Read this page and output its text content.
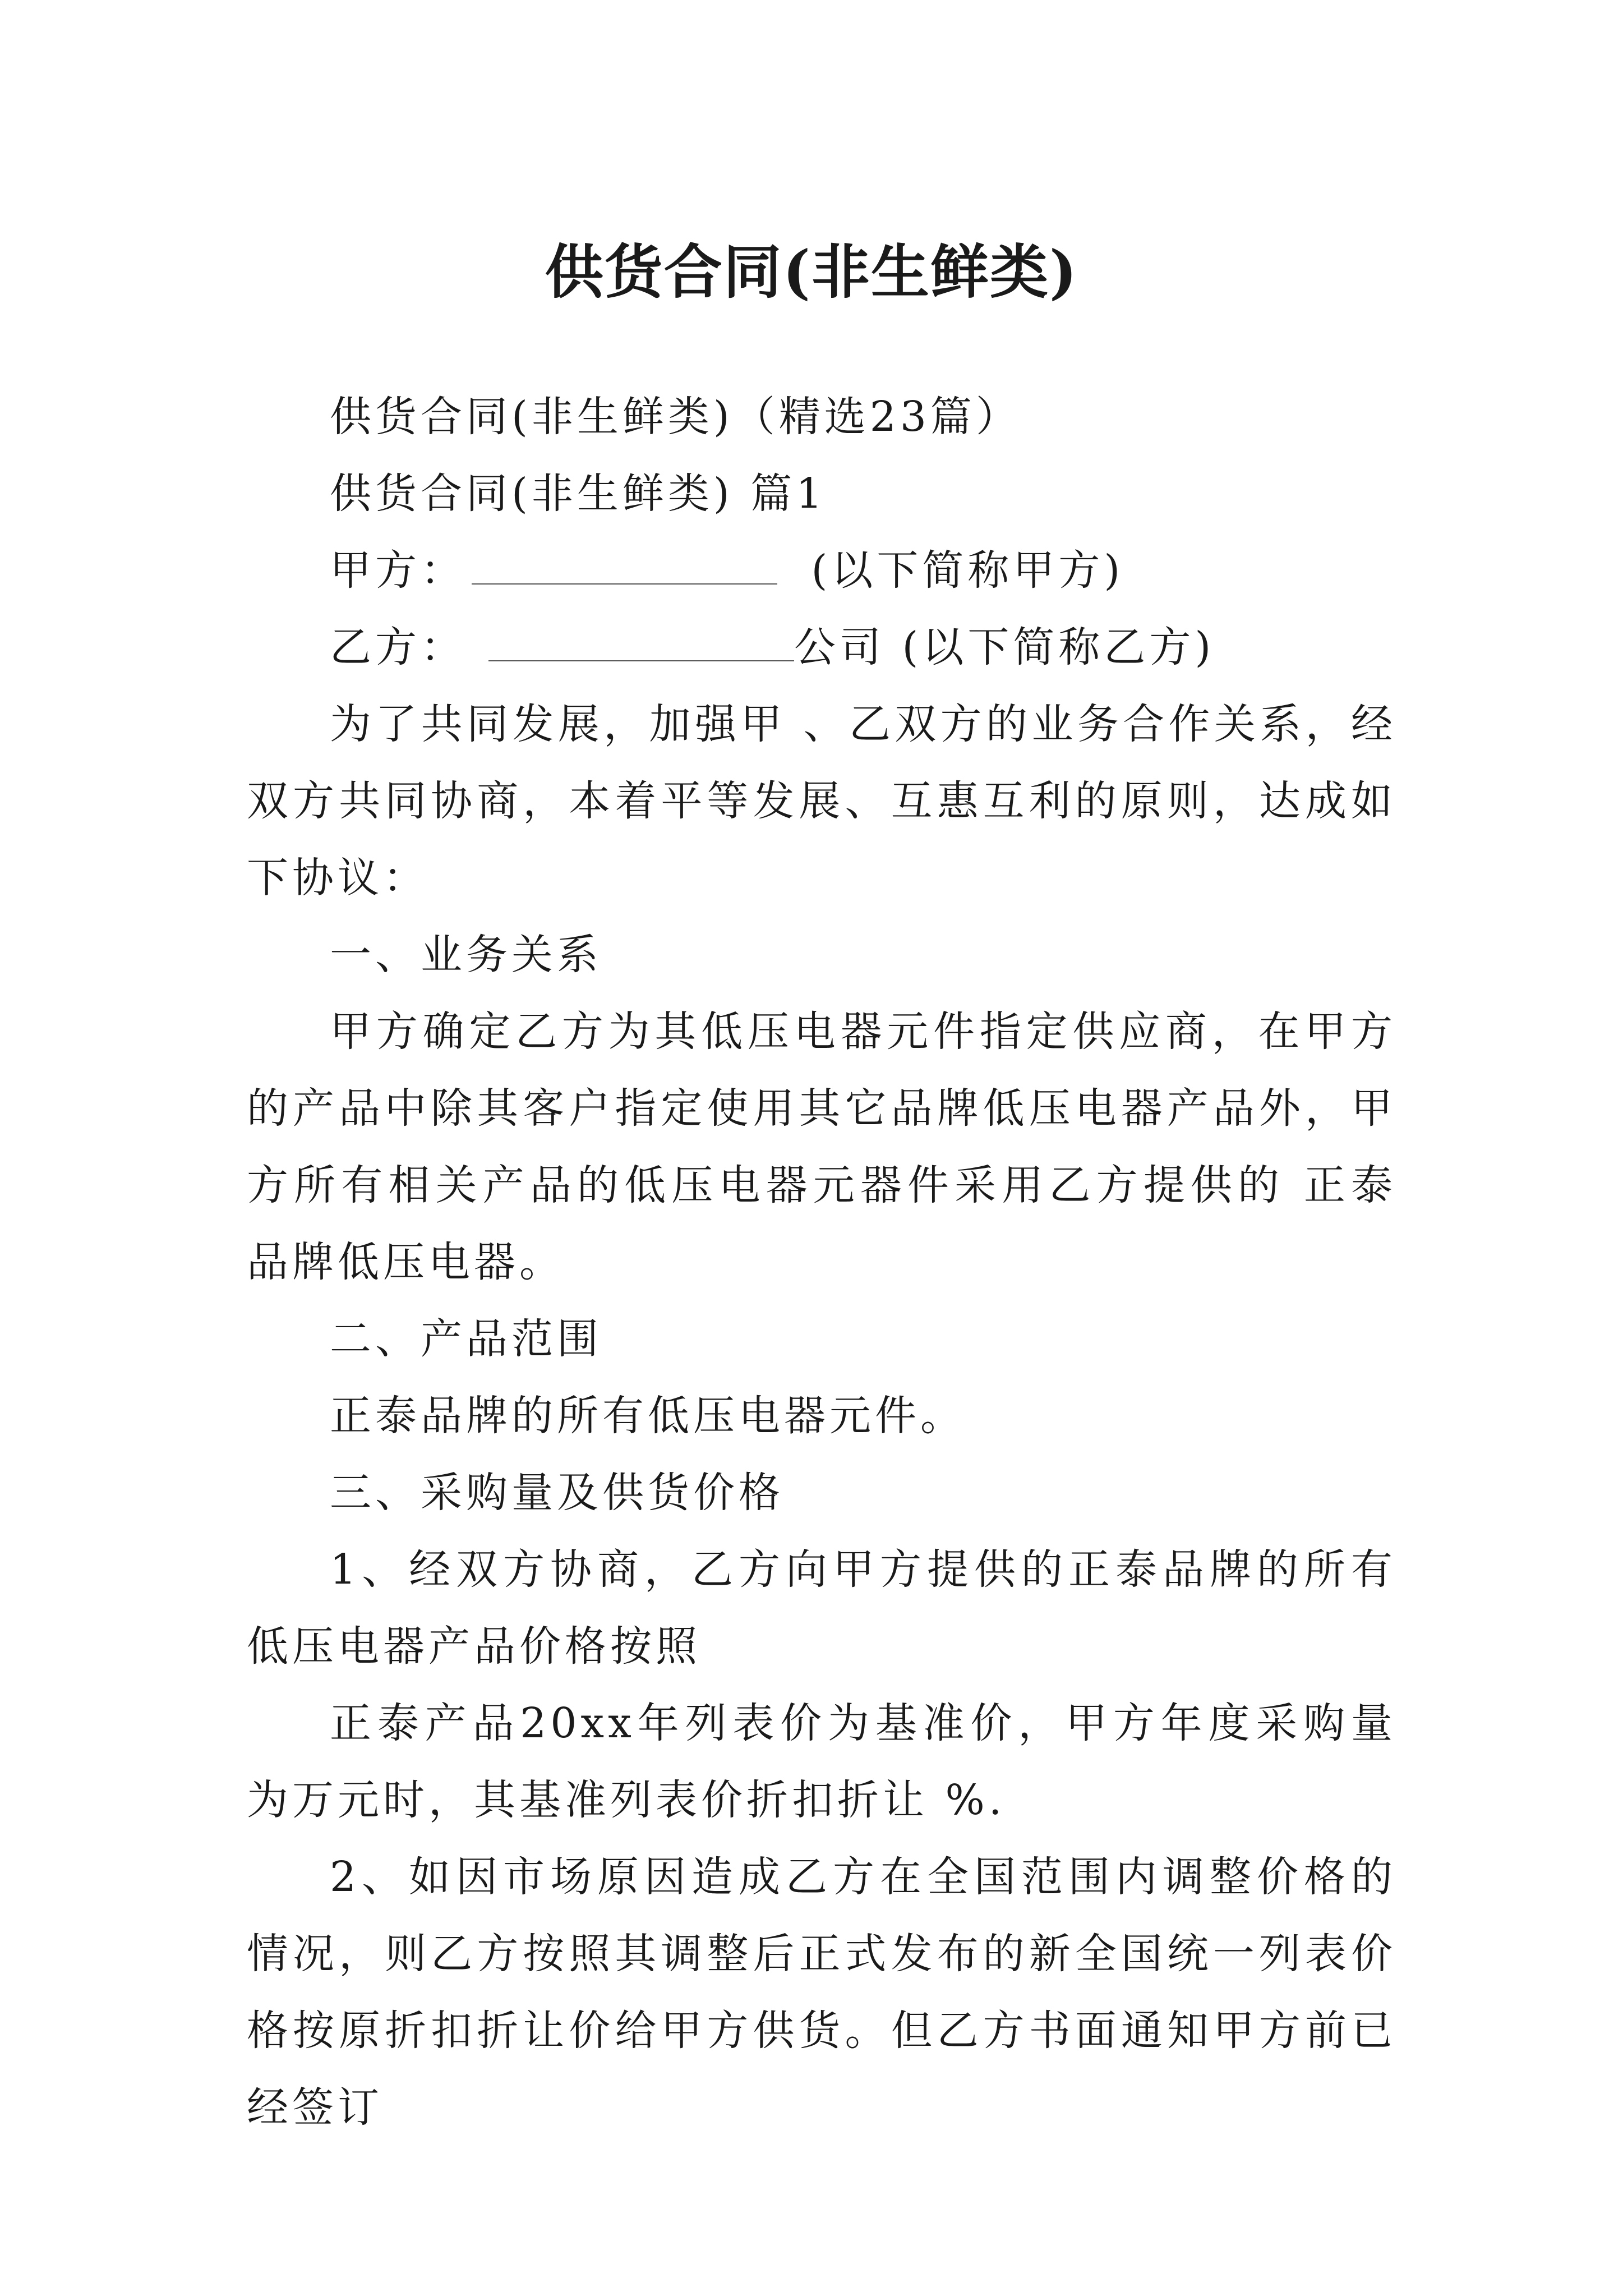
供货合同(非生鲜类)

供货合同(非生鲜类)（精选23篇）

供货合同(非生鲜类) 篇1

甲方：	(以下简称甲方)

乙方：	公司 (以下简称乙方)

为了共同发展，加强甲 、乙双方的业务合作关系，经双方共同协商，本着平等发展、互惠互利的原则，达成如下协议：

一、业务关系

甲方确定乙方为其低压电器元件指定供应商，在甲方的产品中除其客户指定使用其它品牌低压电器产品外，甲方所有相关产品的低压电器元器件采用乙方提供的 正泰品牌低压电器。

二、产品范围

正泰品牌的所有低压电器元件。

三、采购量及供货价格

1、经双方协商，乙方向甲方提供的正泰品牌的所有低压电器产品价格按照

正泰产品20xx年列表价为基准价，甲方年度采购量为万元时，其基准列表价折扣折让 %.

2、如因市场原因造成乙方在全国范围内调整价格的情况，则乙方按照其调整后正式发布的新全国统一列表价格按原折扣折让价给甲方供货。但乙方书面通知甲方前已经签订
